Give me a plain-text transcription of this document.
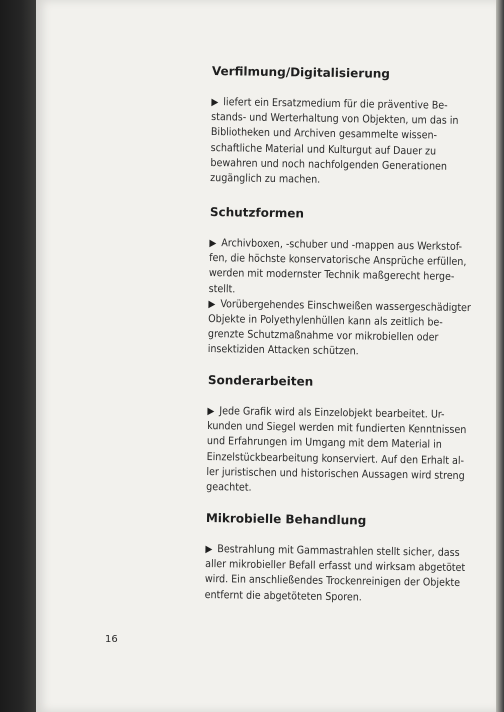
Verfilmung/Digitalisierung

▶ liefert ein Ersatzmedium für die präventive Be-
stands- und Werterhaltung von Objekten, um das in
Bibliotheken und Archiven gesammelte wissen-
schaftliche Material und Kulturgut auf Dauer zu
bewahren und noch nachfolgenden Generationen
zugänglich zu machen.

Schutzformen

▶ Archivboxen, -schuber und -mappen aus Werkstof-
fen, die höchste konservatorische Ansprüche erfüllen,
werden mit modernster Technik maßgerecht herge-
stellt.
▶ Vorübergehendes Einschweißen wassergeschädigter
Objekte in Polyethylenhüllen kann als zeitlich be-
grenzte Schutzmaßnahme vor mikrobiellen oder
insektiziden Attacken schützen.

Sonderarbeiten

▶ Jede Grafik wird als Einzelobjekt bearbeitet. Ur-
kunden und Siegel werden mit fundierten Kenntnissen
und Erfahrungen im Umgang mit dem Material in
Einzelstückbearbeitung konserviert. Auf den Erhalt al-
ler juristischen und historischen Aussagen wird streng
geachtet.

Mikrobielle Behandlung

▶ Bestrahlung mit Gammastrahlen stellt sicher, dass
aller mikrobieller Befall erfasst und wirksam abgetötet
wird. Ein anschließendes Trockenreinigen der Objekte
entfernt die abgetöteten Sporen.

16
